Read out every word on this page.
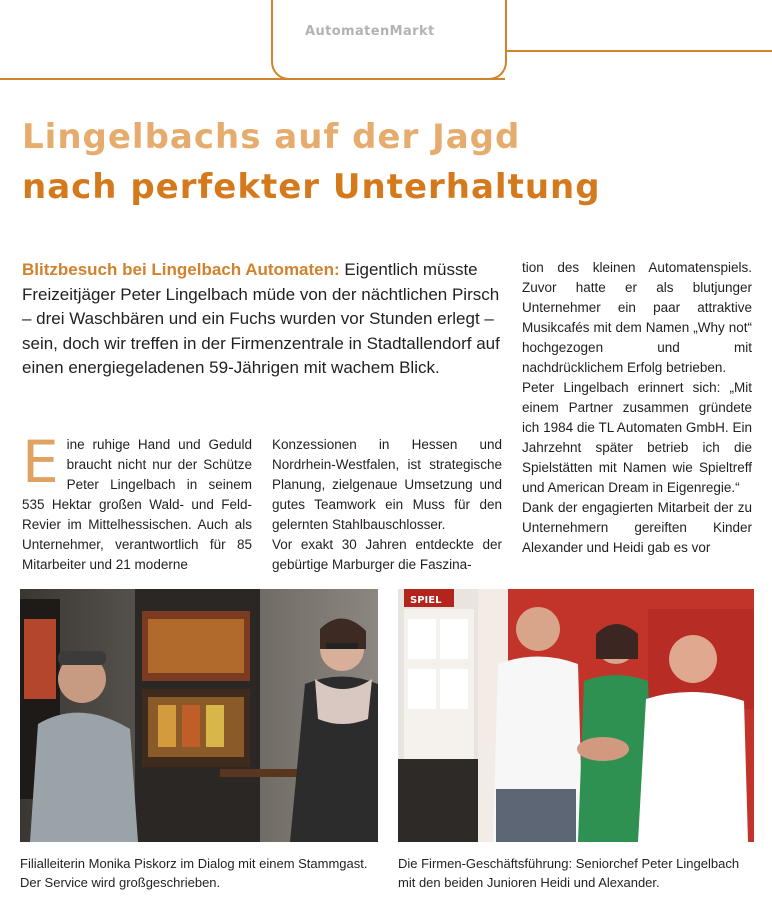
AutomatenMarkt
Lingelbachs auf der Jagd
nach perfekter Unterhaltung
Blitzbesuch bei Lingelbach Automaten: Eigentlich müsste Freizeitjäger Peter Lingelbach müde von der nächtlichen Pirsch – drei Waschbären und ein Fuchs wurden vor Stunden erlegt – sein, doch wir treffen in der Firmenzentrale in Stadtallendorf auf einen energiegeladenen 59-Jährigen mit wachem Blick.
E ine ruhige Hand und Geduld braucht nicht nur der Schütze Peter Lingelbach in seinem 535 Hektar großen Wald- und Feld-Revier im Mittelhessischen. Auch als Unternehmer, verantwortlich für 85 Mitarbeiter und 21 moderne

Konzessionen in Hessen und Nordrhein-Westfalen, ist strategische Planung, zielgenaue Umsetzung und gutes Teamwork ein Muss für den gelernten Stahlbauschlosser.

Vor exakt 30 Jahren entdeckte der gebürtige Marburger die Faszina-

tion des kleinen Automatenspiels. Zuvor hatte er als blutjunger Unternehmer ein paar attraktive Musikcafés mit dem Namen „Why not“ hochgezogen und mit nachdrücklichem Erfolg betrieben.

Peter Lingelbach erinnert sich: „Mit einem Partner zusammen gründete ich 1984 die TL Automaten GmbH. Ein Jahrzehnt später betrieb ich die Spielstätten mit Namen wie Spieltreff und American Dream in Eigenregie.“

Dank der engagierten Mitarbeit der zu Unternehmern gereiften Kinder Alexander und Heidi gab es vor

SPIEL
Filialleiterin Monika Piskorz im Dialog mit einem Stammgast. Der Service wird großgeschrieben.
Die Firmen-Geschäftsführung: Seniorchef Peter Lingelbach mit den beiden Junioren Heidi und Alexander.
